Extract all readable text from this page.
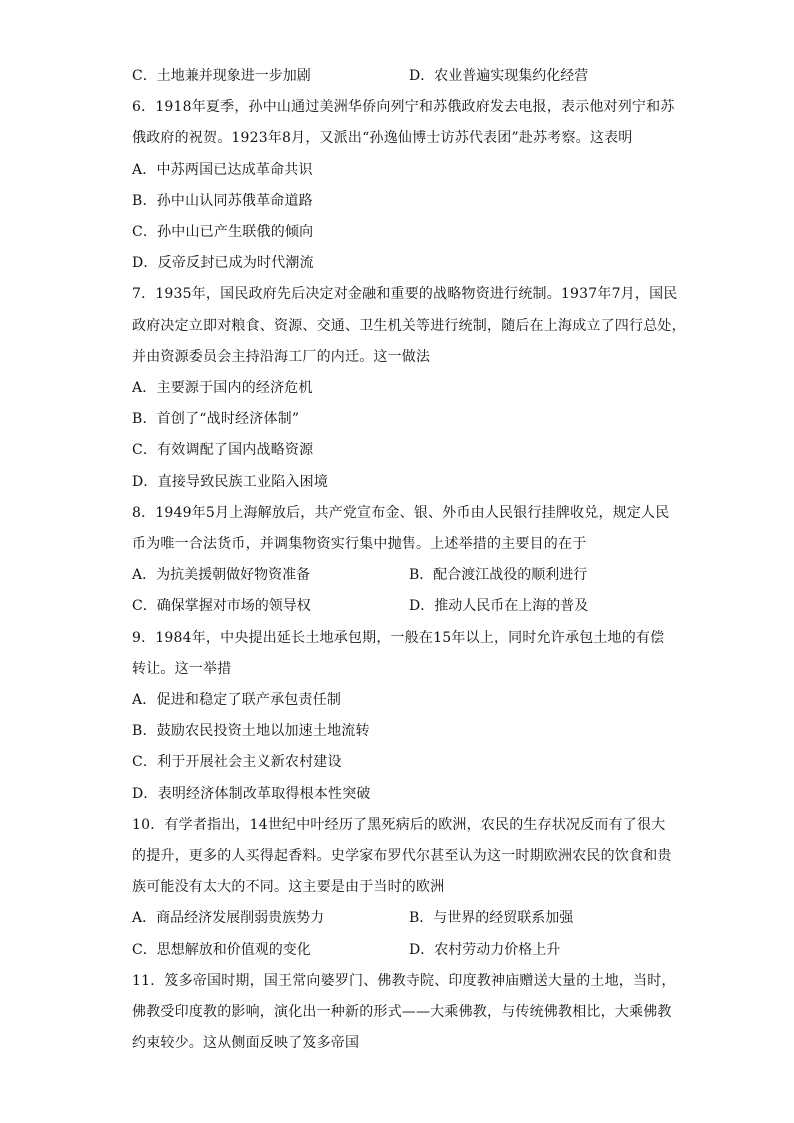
C．土地兼并现象进一步加剧	D．农业普遍实现集约化经营
6．1918年夏季，孙中山通过美洲华侨向列宁和苏俄政府发去电报，表示他对列宁和苏
俄政府的祝贺。1923年8月，又派出“孙逸仙博士访苏代表团”赴苏考察。这表明
A．中苏两国已达成革命共识
B．孙中山认同苏俄革命道路
C．孙中山已产生联俄的倾向
D．反帝反封已成为时代潮流
7．1935年，国民政府先后决定对金融和重要的战略物资进行统制。1937年7月，国民
政府决定立即对粮食、资源、交通、卫生机关等进行统制，随后在上海成立了四行总处，
并由资源委员会主持沿海工厂的内迁。这一做法
A．主要源于国内的经济危机
B．首创了“战时经济体制”
C．有效调配了国内战略资源
D．直接导致民族工业陷入困境
8．1949年5月上海解放后，共产党宣布金、银、外币由人民银行挂牌收兑，规定人民
币为唯一合法货币，并调集物资实行集中抛售。上述举措的主要目的在于
A．为抗美援朝做好物资准备	B．配合渡江战役的顺利进行
C．确保掌握对市场的领导权	D．推动人民币在上海的普及
9．1984年，中央提出延长土地承包期，一般在15年以上，同时允许承包土地的有偿
转让。这一举措
A．促进和稳定了联产承包责任制
B．鼓励农民投资土地以加速土地流转
C．利于开展社会主义新农村建设
D．表明经济体制改革取得根本性突破
10．有学者指出，14世纪中叶经历了黑死病后的欧洲，农民的生存状况反而有了很大
的提升，更多的人买得起香料。史学家布罗代尔甚至认为这一时期欧洲农民的饮食和贵
族可能没有太大的不同。这主要是由于当时的欧洲
A．商品经济发展削弱贵族势力	B．与世界的经贸联系加强
C．思想解放和价值观的变化	D．农村劳动力价格上升
11．笈多帝国时期，国王常向婆罗门、佛教寺院、印度教神庙赠送大量的土地，当时，
佛教受印度教的影响，演化出一种新的形式——大乘佛教，与传统佛教相比，大乘佛教
约束较少。这从侧面反映了笈多帝国
